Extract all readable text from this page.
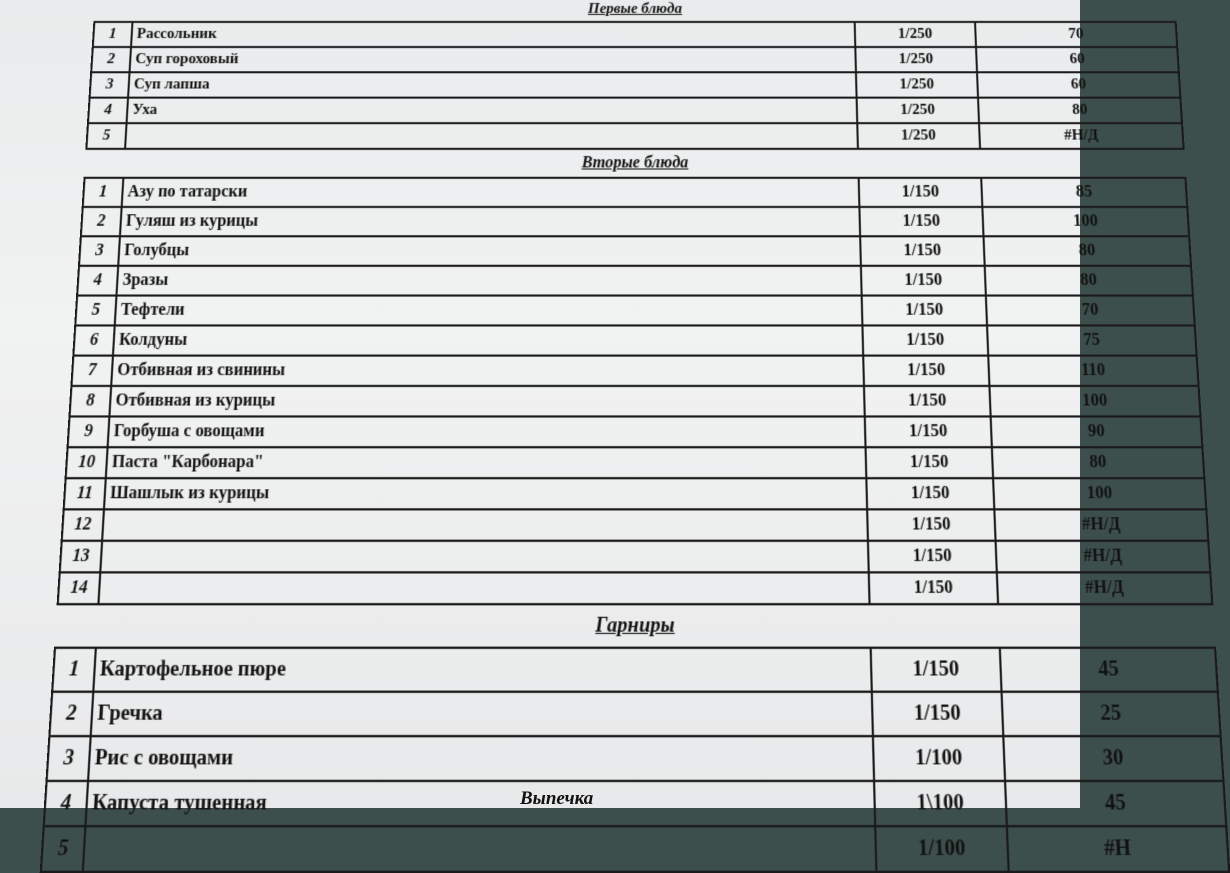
Первые блюда			
1	Рассольник	1/250	70
2	Суп гороховый	1/250	60
3	Суп лапша	1/250	60
4	Уха	1/250	80
5		1/250	#Н/Д
Вторые блюда			
1	Азу по татарски	1/150	85
2	Гуляш из курицы	1/150	100
3	Голубцы	1/150	80
4	Зразы	1/150	80
5	Тефтели	1/150	70
6	Колдуны	1/150	75
7	Отбивная из свинины	1/150	110
8	Отбивная из курицы	1/150	100
9	Горбуша с овощами	1/150	90
10	Паста "Карбонара"	1/150	80
11	Шашлык из курицы	1/150	100
12		1/150	#Н/Д
13		1/150	#Н/Д
14		1/150	#Н/Д
Гарниры			
1	Картофельное пюре	1/150	45
2	Гречка	1/150	25
3	Рис с овощами	1/100	30
4	Капуста тушенная	1\100	45
5		1/100	#Н
Выпечка
